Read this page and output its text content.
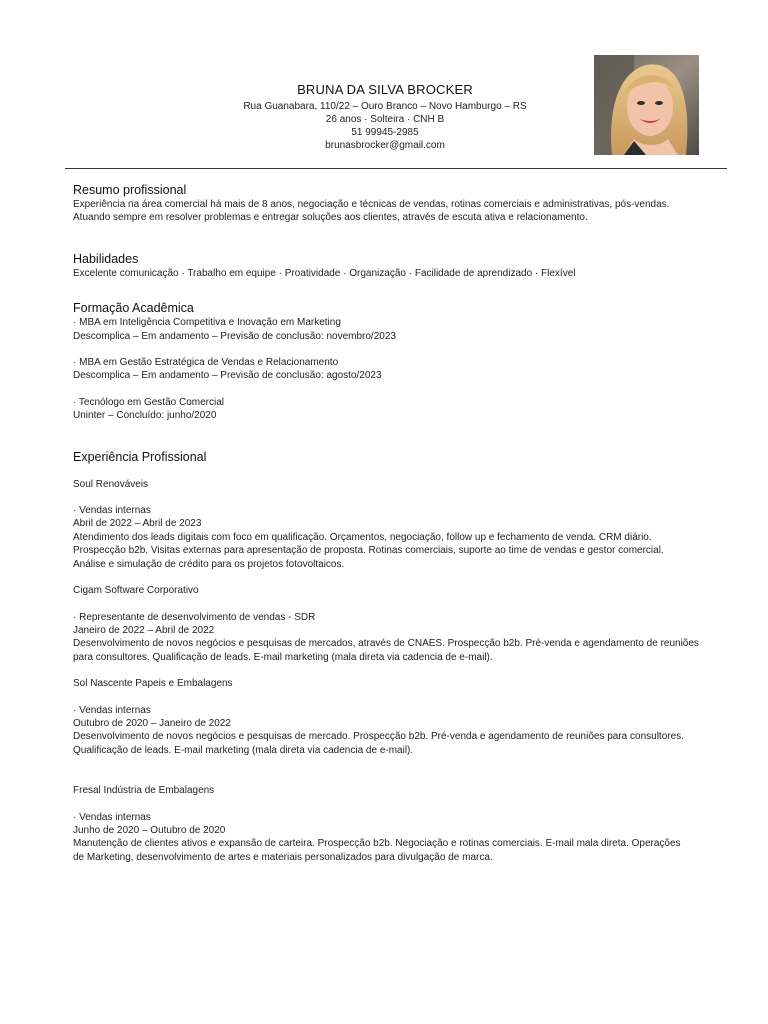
BRUNA DA SILVA BROCKER
Rua Guanabara, 110/22 – Ouro Branco – Novo Hamburgo – RS
26 anos · Solteira · CNH B
51 99945-2985
brunasbrocker@gmail.com
Resumo profissional
Experiência na área comercial há mais de 8 anos, negociação e técnicas de vendas, rotinas comerciais e administrativas, pós-vendas.
Atuando sempre em resolver problemas e entregar soluções aos clientes, através de escuta ativa e relacionamento.
Habilidades
Excelente comunicação · Trabalho em equipe · Proatividade · Organização · Facilidade de aprendizado · Flexível
Formação Acadêmica
· MBA em Inteligência Competitiva e Inovação em Marketing
Descomplica – Em andamento – Previsão de conclusão: novembro/2023
· MBA em Gestão Estratégica de Vendas e Relacionamento
Descomplica – Em andamento – Previsão de conclusão: agosto/2023
· Tecnólogo em Gestão Comercial
Uninter – Concluído: junho/2020
Experiência Profissional
Soul Renováveis
· Vendas internas
Abril de 2022 – Abril de 2023
Atendimento dos leads digitais com foco em qualificação. Orçamentos, negociação, follow up e fechamento de venda. CRM diário.
Prospecção b2b. Visitas externas para apresentação de proposta. Rotinas comerciais, suporte ao time de vendas e gestor comercial.
Análise e simulação de crédito para os projetos fotovoltaicos.
Cigam Software Corporativo
· Representante de desenvolvimento de vendas - SDR
Janeiro de 2022 – Abril de 2022
Desenvolvimento de novos negócios e pesquisas de mercados, através de CNAES. Prospecção b2b. Pré-venda e agendamento de reuniões
para consultores. Qualificação de leads. E-mail marketing (mala direta via cadencia de e-mail).
Sol Nascente Papeis e Embalagens
· Vendas internas
Outubro de 2020 – Janeiro de 2022
Desenvolvimento de novos negócios e pesquisas de mercado. Prospecção b2b. Pré-venda e agendamento de reuniões para consultores.
Qualificação de leads. E-mail marketing (mala direta via cadencia de e-mail).
Fresal Indústria de Embalagens
· Vendas internas
Junho de 2020 – Outubro de 2020
Manutenção de clientes ativos e expansão de carteira. Prospecção b2b. Negociação e rotinas comerciais. E-mail mala direta. Operações
de Marketing, desenvolvimento de artes e materiais personalizados para divulgação de marca.
